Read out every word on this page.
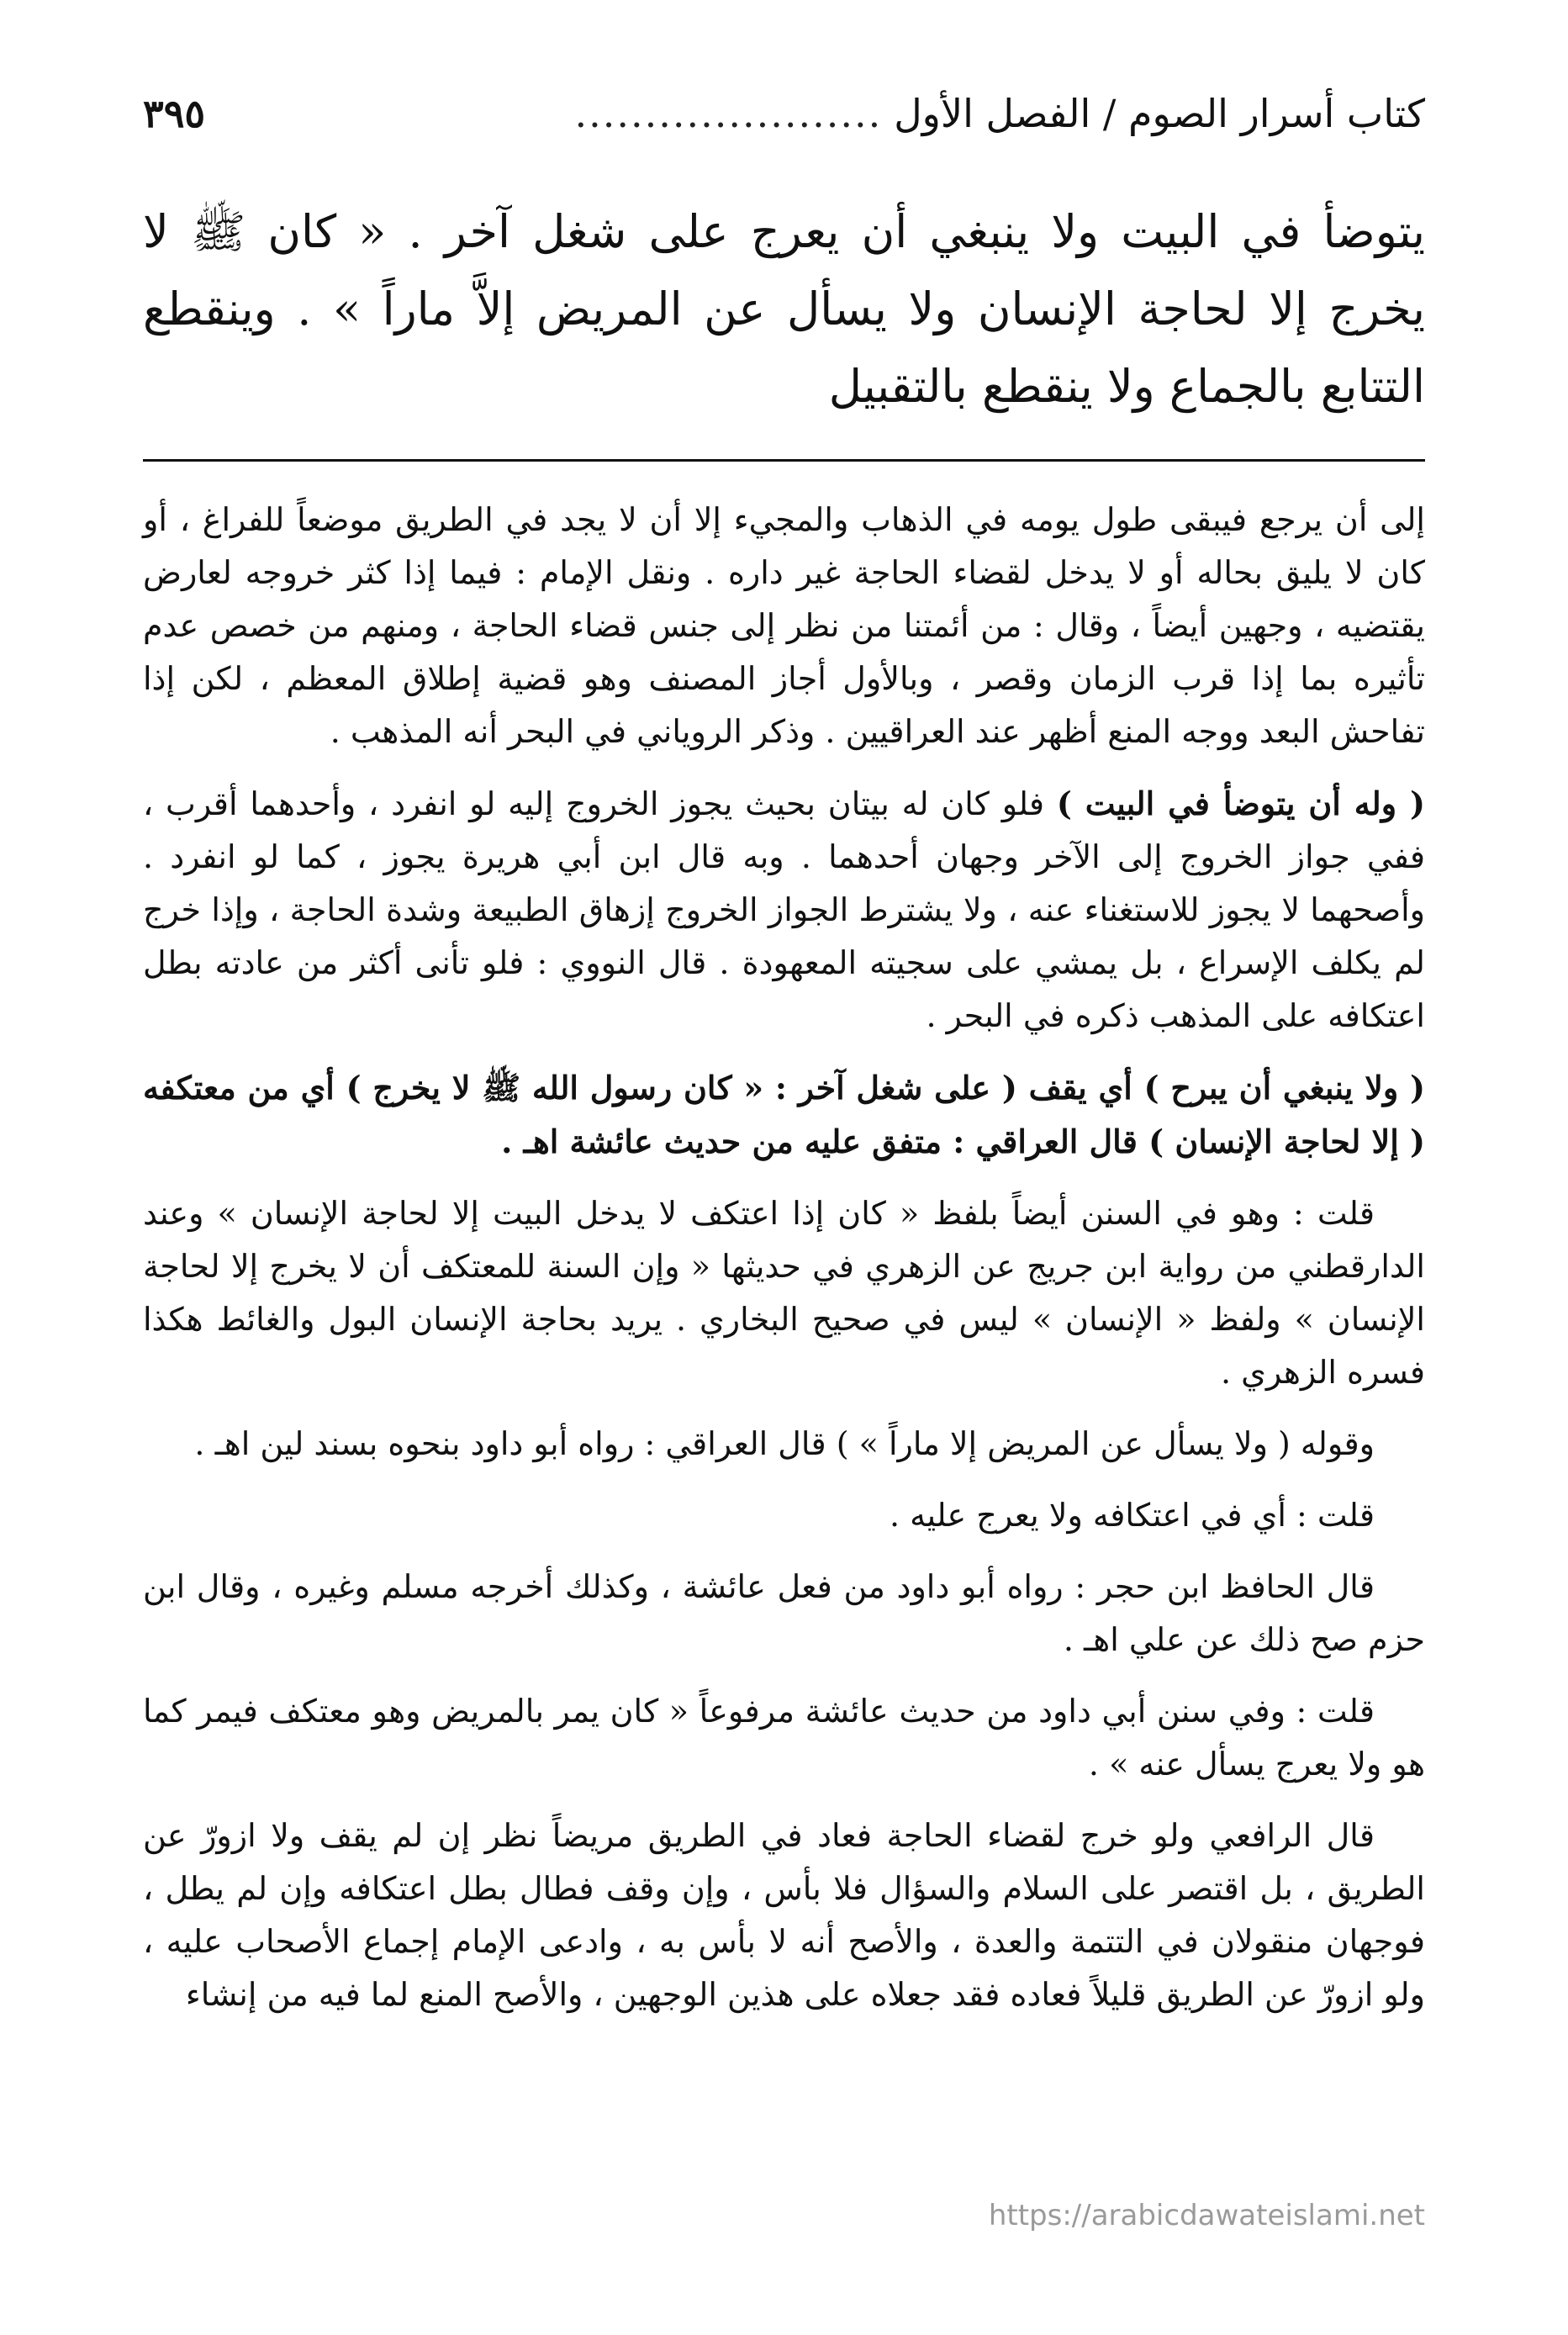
كتاب أسرار الصوم / الفصل الأول
......................
٣٩٥
يتوضأ في البيت ولا ينبغي أن يعرج على شغل آخر . « كان ﷺ لا يخرج إلا لحاجة الإنسان ولا يسأل عن المريض إلاَّ ماراً » . وينقطع التتابع بالجماع ولا ينقطع بالتقبيل

إلى أن يرجع فيبقى طول يومه في الذهاب والمجيء إلا أن لا يجد في الطريق موضعاً للفراغ ، أو كان لا يليق بحاله أو لا يدخل لقضاء الحاجة غير داره . ونقل الإمام : فيما إذا كثر خروجه لعارض يقتضيه ، وجهين أيضاً ، وقال : من أئمتنا من نظر إلى جنس قضاء الحاجة ، ومنهم من خصص عدم تأثيره بما إذا قرب الزمان وقصر ، وبالأول أجاز المصنف وهو قضية إطلاق المعظم ، لكن إذا تفاحش البعد ووجه المنع أظهر عند العراقيين . وذكر الروياني في البحر أنه المذهب .

( وله أن يتوضأ في البيت ) فلو كان له بيتان بحيث يجوز الخروج إليه لو انفرد ، وأحدهما أقرب ، ففي جواز الخروج إلى الآخر وجهان أحدهما . وبه قال ابن أبي هريرة يجوز ، كما لو انفرد . وأصحهما لا يجوز للاستغناء عنه ، ولا يشترط الجواز الخروج إزهاق الطبيعة وشدة الحاجة ، وإذا خرج لم يكلف الإسراع ، بل يمشي على سجيته المعهودة . قال النووي : فلو تأنى أكثر من عادته بطل اعتكافه على المذهب ذكره في البحر .

( ولا ينبغي أن يبرح ) أي يقف ( على شغل آخر : « كان رسول الله ﷺ لا يخرج ) أي من معتكفه ( إلا لحاجة الإنسان ) قال العراقي : متفق عليه من حديث عائشة اهـ .

قلت : وهو في السنن أيضاً بلفظ « كان إذا اعتكف لا يدخل البيت إلا لحاجة الإنسان » وعند الدارقطني من رواية ابن جريج عن الزهري في حديثها « وإن السنة للمعتكف أن لا يخرج إلا لحاجة الإنسان » ولفظ « الإنسان » ليس في صحيح البخاري . يريد بحاجة الإنسان البول والغائط هكذا فسره الزهري .

وقوله ( ولا يسأل عن المريض إلا ماراً » ) قال العراقي : رواه أبو داود بنحوه بسند لين اهـ .

قلت : أي في اعتكافه ولا يعرج عليه .

قال الحافظ ابن حجر : رواه أبو داود من فعل عائشة ، وكذلك أخرجه مسلم وغيره ، وقال ابن حزم صح ذلك عن علي اهـ .

قلت : وفي سنن أبي داود من حديث عائشة مرفوعاً « كان يمر بالمريض وهو معتكف فيمر كما هو ولا يعرج يسأل عنه » .

قال الرافعي ولو خرج لقضاء الحاجة فعاد في الطريق مريضاً نظر إن لم يقف ولا ازورّ عن الطريق ، بل اقتصر على السلام والسؤال فلا بأس ، وإن وقف فطال بطل اعتكافه وإن لم يطل ، فوجهان منقولان في التتمة والعدة ، والأصح أنه لا بأس به ، وادعى الإمام إجماع الأصحاب عليه ، ولو ازورّ عن الطريق قليلاً فعاده فقد جعلاه على هذين الوجهين ، والأصح المنع لما فيه من إنشاء

https://arabicdawateislami.net
